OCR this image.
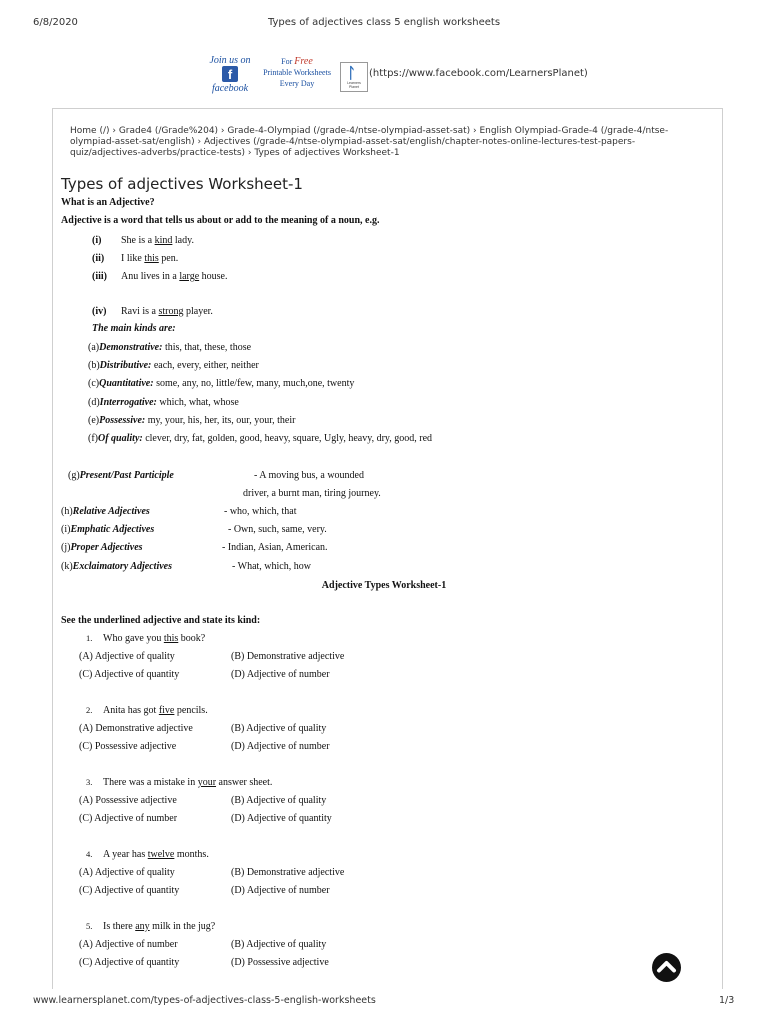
6/8/2020	Types of adjectives class 5 english worksheets
Join us on
f
facebook
For Free
Printable Worksheets
Every Day
ᛚ
Learners Planet
(https://www.facebook.com/LearnersPlanet)
Home (/) › Grade4 (/Grade%204) › Grade-4-Olympiad (/grade-4/ntse-olympiad-asset-sat) › English Olympiad-Grade-4 (/grade-4/ntse-olympiad-asset-sat/english) › Adjectives (/grade-4/ntse-olympiad-asset-sat/english/chapter-notes-online-lectures-test-papers-quiz/adjectives-adverbs/practice-tests) › Types of adjectives Worksheet-1
Types of adjectives Worksheet-1
What is an Adjective?
Adjective is a word that tells us about or add to the meaning of a noun, e.g.
(i) She is a kind lady.
(ii) I like this pen.
(iii) Anu lives in a large house.
(iv) Ravi is a strong player.
The main kinds are:
(a)Demonstrative: this, that, these, those
(b)Distributive: each, every, either, neither
(c)Quantitative: some, any, no, little/few, many, much,one, twenty
(d)Interrogative: which, what, whose
(e)Possessive: my, your, his, her, its, our, your, their
(f)Of quality: clever, dry, fat, golden, good, heavy, square, Ugly, heavy, dry, good, red
(g)Present/Past Participle	- A moving bus, a wounded
driver, a burnt man, tiring journey.
(h)Relative Adjectives	- who, which, that
(i)Emphatic Adjectives	- Own, such, same, very.
(j)Proper Adjectives	- Indian, Asian, American.
(k)Exclaimatory Adjectives	- What, which, how
Adjective Types Worksheet-1
See the underlined adjective and state its kind:
1. Who gave you this book?
(A) Adjective of quality	(B) Demonstrative adjective
(C) Adjective of quantity	(D) Adjective of number
2. Anita has got five pencils.
(A) Demonstrative adjective	(B) Adjective of quality
(C) Possessive adjective	(D) Adjective of number
3. There was a mistake in your answer sheet.
(A) Possessive adjective	(B) Adjective of quality
(C) Adjective of number	(D) Adjective of quantity
4. A year has twelve months.
(A) Adjective of quality	(B) Demonstrative adjective
(C) Adjective of quantity	(D) Adjective of number
5. Is there any milk in the jug?
(A) Adjective of number	(B) Adjective of quality
(C) Adjective of quantity	(D) Possessive adjective
www.learnersplanet.com/types-of-adjectives-class-5-english-worksheets	1/3
